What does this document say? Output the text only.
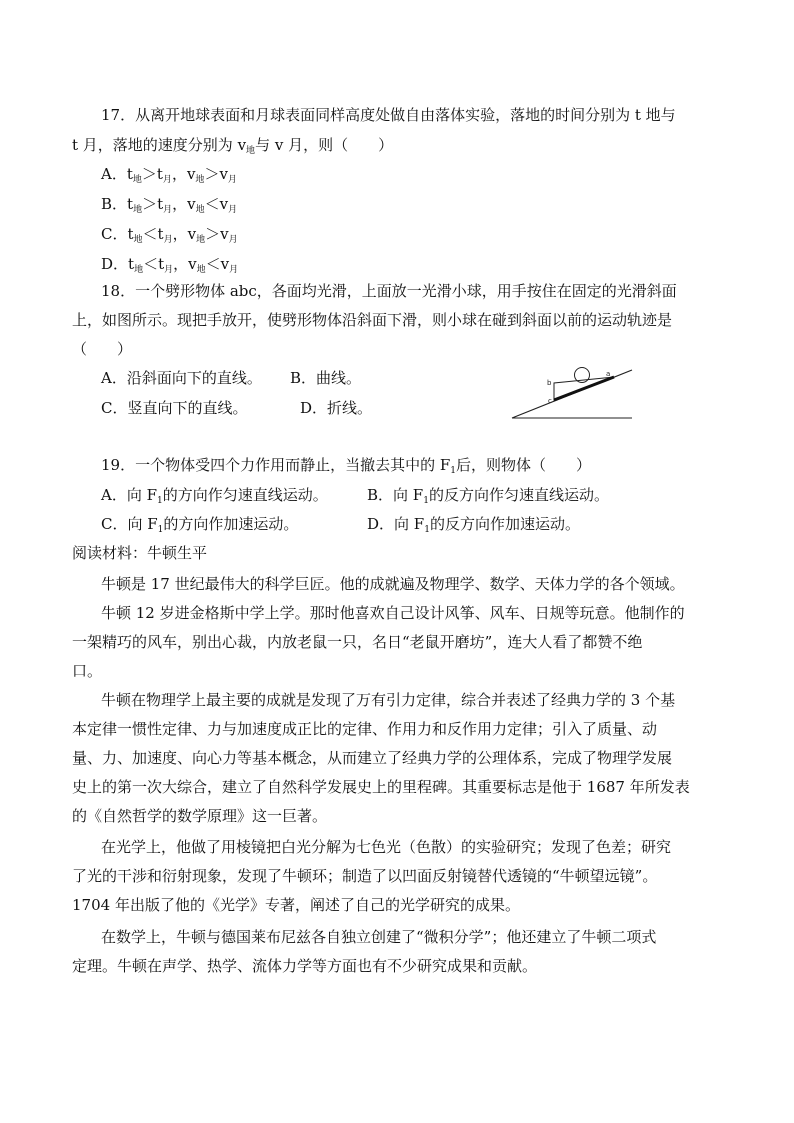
17．从离开地球表面和月球表面同样高度处做自由落体实验，落地的时间分别为 t 地与
t 月，落地的速度分别为 $v_地$与 v 月，则（　　）
A．$t_地>t_月$，$v_地>v_月$
B．$t_地>t_月$，$v_地<v_月$
C．$t_地<t_月$，$v_地>v_月$
D．$t_地<t_月$，$v_地<v_月$
18．一个劈形物体 abc，各面均光滑，上面放一光滑小球，用手按住在固定的光滑斜面
上，如图所示。现把手放开，使劈形物体沿斜面下滑，则小球在碰到斜面以前的运动轨迹是
（　　）
A．沿斜面向下的直线。 B．曲线。
C．竖直向下的直线。	D．折线。
b
c
a
19．一个物体受四个力作用而静止，当撤去其中的 $F_1$后，则物体（　　）
A．向 $F_1$的方向作匀速直线运动。	B．向 $F_1$的反方向作匀速直线运动。
C．向 $F_1$的方向作加速运动。	D．向 $F_1$的反方向作加速运动。
阅读材料：牛顿生平
牛顿是 17 世纪最伟大的科学巨匠。他的成就遍及物理学、数学、天体力学的各个领域。
牛顿 12 岁进金格斯中学上学。那时他喜欢自己设计风筝、风车、日规等玩意。他制作的
一架精巧的风车，别出心裁，内放老鼠一只，名日“老鼠开磨坊”，连大人看了都赞不绝
口。
牛顿在物理学上最主要的成就是发现了万有引力定律，综合并表述了经典力学的 3 个基
本定律一惯性定律、力与加速度成正比的定律、作用力和反作用力定律；引入了质量、动
量、力、加速度、向心力等基本概念，从而建立了经典力学的公理体系，完成了物理学发展
史上的第一次大综合，建立了自然科学发展史上的里程碑。其重要标志是他于 1687 年所发表
的《自然哲学的数学原理》这一巨著。
在光学上，他做了用棱镜把白光分解为七色光（色散）的实验研究；发现了色差；研究
了光的干涉和衍射现象，发现了牛顿环；制造了以凹面反射镜替代透镜的“牛顿望远镜”。
1704 年出版了他的《光学》专著，阐述了自己的光学研究的成果。
在数学上，牛顿与德国莱布尼兹各自独立创建了“微积分学”；他还建立了牛顿二项式
定理。牛顿在声学、热学、流体力学等方面也有不少研究成果和贡献。
